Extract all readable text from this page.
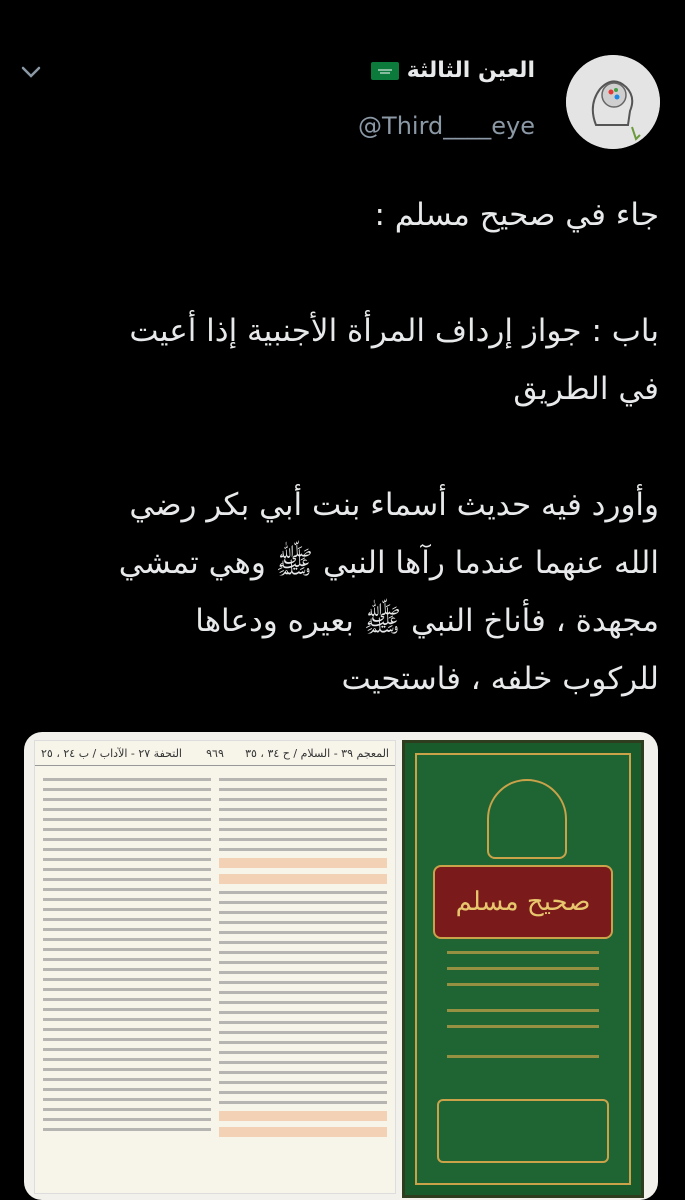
العين الثالثة
@Third____eye

جاء في صحيح مسلم :

باب : جواز إرداف المرأة الأجنبية إذا أعيت

في الطريق

وأورد فيه حديث أسماء بنت أبي بكر رضي

الله عنهما عندما رآها النبي ﷺ وهي تمشي

مجهدة ، فأناخ النبي ﷺ بعيره ودعاها

للركوب خلفه ، فاستحيت

المعجم ٣٩ - السلام / ح ٣٤ ، ٣٥
٩٦٩
التحفة ٢٧ - الآداب / ب ٢٤ ، ٢٥
صحيح مسلم
